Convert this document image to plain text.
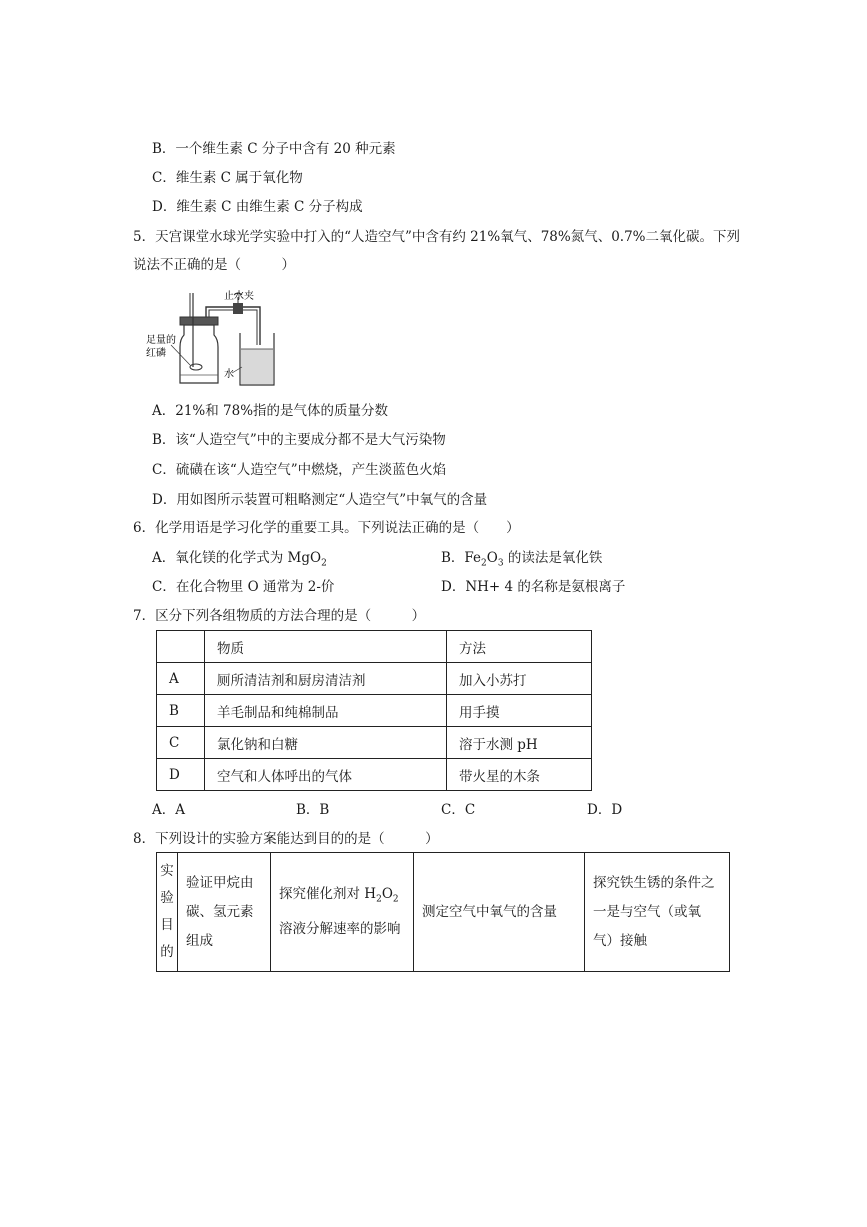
B．一个维生素 C 分子中含有 20 种元素
C．维生素 C 属于氧化物
D．维生素 C 由维生素 C 分子构成
5．天宫课堂水球光学实验中打入的“人造空气”中含有约 21%氧气、78%氮气、0.7%二氧化碳。下列
说法不正确的是（　　　）
止水夹
足量的
红磷
水
A．21%和 78%指的是气体的质量分数
B．该“人造空气”中的主要成分都不是大气污染物
C．硫磺在该“人造空气”中燃烧，产生淡蓝色火焰
D．用如图所示装置可粗略测定“人造空气”中氧气的含量
6．化学用语是学习化学的重要工具。下列说法正确的是（　　）
A．氧化镁的化学式为 MgO$_2$	B．$Fe_2O_3$ 的读法是氧化铁
C．在化合物里 O 通常为 2-价	D．NH+ 4 的名称是氨根离子
7．区分下列各组物质的方法合理的是（　　　）
	物质	方法
A	厕所清洁剂和厨房清洁剂	加入小苏打
B	羊毛制品和纯棉制品	用手摸
C	氯化钠和白糖	溶于水测 pH
D	空气和人体呼出的气体	带火星的木条
A．A	B．B	C．C	D．D
8．下列设计的实验方案能达到目的的是（　　　）
实验目的	验证甲烷由碳、氢元素组成	探究催化剂对 $H_2O_2$ 溶液分解速率的影响	测定空气中氧气的含量	探究铁生锈的条件之一是与空气（或氧气）接触
